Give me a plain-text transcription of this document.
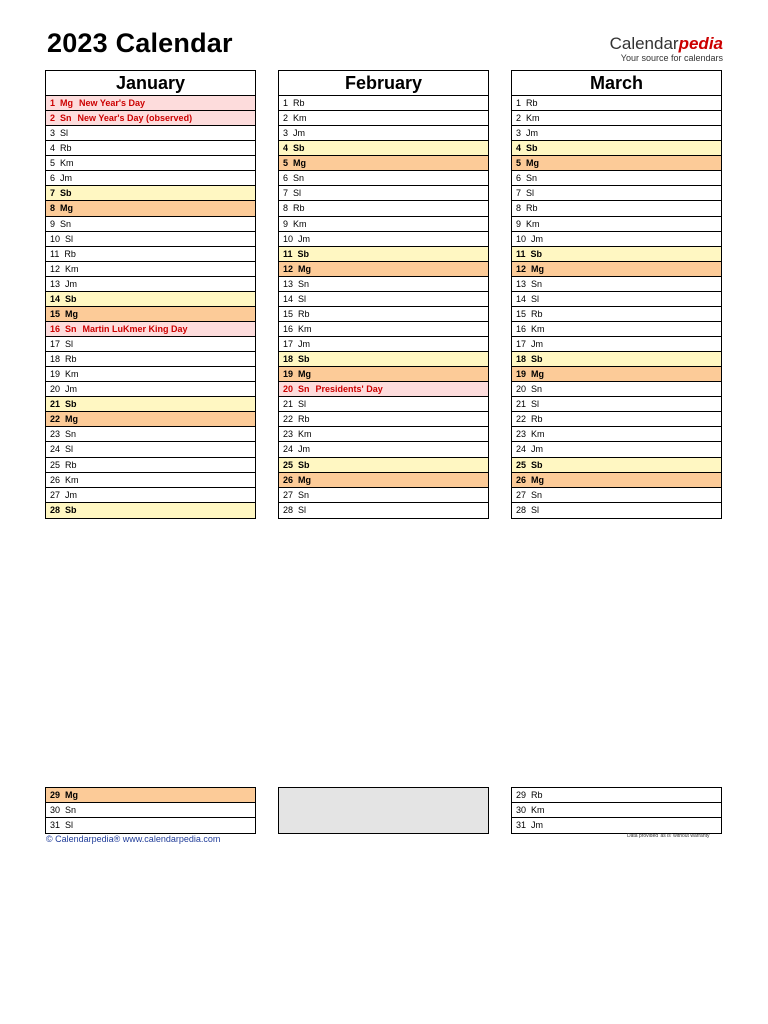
2023 Calendar	Calendarpedia
Your source for calendars
January
1 Mg New Year's Day
2 Sn New Year's Day (observed)
3 Sl
4 Rb
5 Km
6 Jm
7 Sb
8 Mg
9 Sn
10 Sl
11 Rb
12 Km
13 Jm
14 Sb
15 Mg
16 Sn Martin LuKmer King Day
17 Sl
18 Rb
19 Km
20 Jm
21 Sb
22 Mg
23 Sn
24 Sl
25 Rb
26 Km
27 Jm
28 Sb
February
1 Rb
2 Km
3 Jm
4 Sb
5 Mg
6 Sn
7 Sl
8 Rb
9 Km
10 Jm
11 Sb
12 Mg
13 Sn
14 Sl
15 Rb
16 Km
17 Jm
18 Sb
19 Mg
20 Sn Presidents' Day
21 Sl
22 Rb
23 Km
24 Jm
25 Sb
26 Mg
27 Sn
28 Sl
March
1 Rb
2 Km
3 Jm
4 Sb
5 Mg
6 Sn
7 Sl
8 Rb
9 Km
10 Jm
11 Sb
12 Mg
13 Sn
14 Sl
15 Rb
16 Km
17 Jm
18 Sb
19 Mg
20 Sn
21 Sl
22 Rb
23 Km
24 Jm
25 Sb
26 Mg
27 Sn
28 Sl
29 Mg
30 Sn
31 Sl
29 Rb
30 Km
31 Jm
© Calendarpedia® www.calendarpedia.com	Data provided 'as is' without warranty
